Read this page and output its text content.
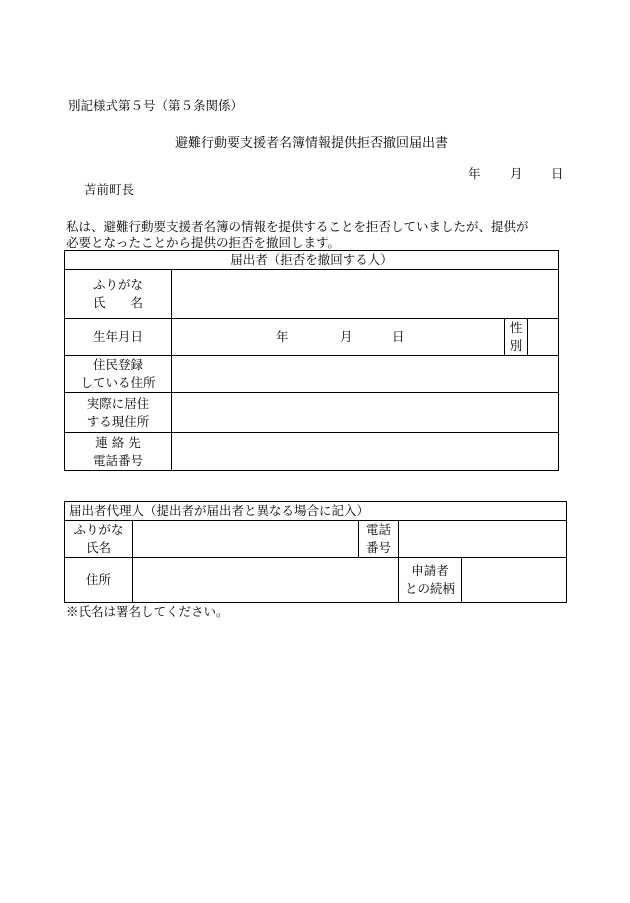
別記様式第５号（第５条関係）
避難行動要支援者名簿情報提供拒否撤回届出書
年 月 日
苫前町長
私は、避難行動要支援者名簿の情報を提供することを拒否していましたが、提供が
必要となったことから提供の拒否を撤回します。
届出者（拒否を撤回する人）			

ふりがな
氏　　名			

生年月日	年 月 日	性
別	

住民登録
している住所			

実際に居住
する現住所			

連 絡 先
電話番号			

届出者代理人（提出者が届出者と異なる場合に記入）				

ふりがな
氏名		電話
番号		

住所			申請者
との続柄	

※氏名は署名してください。
